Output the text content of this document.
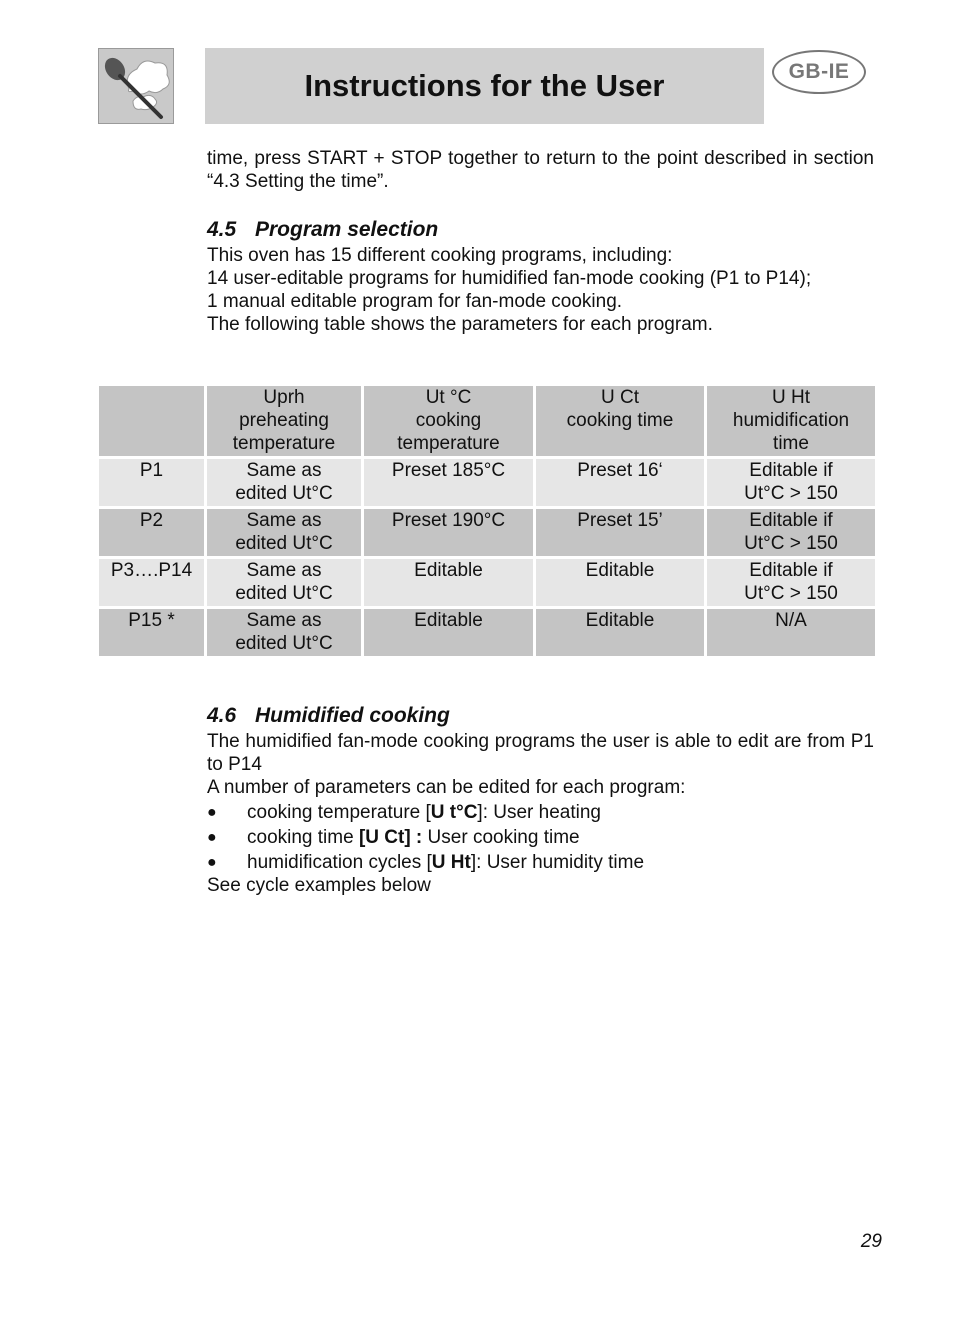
Instructions for the User	GB-IE
time, press START + STOP together to return to the point described in section “4.3 Setting the time”.
4.5 Program selection
This oven has 15 different cooking programs, including:
14 user-editable programs for humidified fan-mode cooking (P1 to P14);
1 manual editable program for fan-mode cooking.
The following table shows the parameters for each program.

	Uprh
preheating
temperature	Ut °C
cooking
temperature	U Ct
cooking time	U Ht
humidification
time

P1	Same as
edited Ut°C	Preset 185°C	Preset 16‘	Editable if
Ut°C > 150

P2	Same as
edited Ut°C	Preset 190°C	Preset 15’	Editable if
Ut°C > 150

P3….P14	Same as
edited Ut°C	Editable	Editable	Editable if
Ut°C > 150

P15 *	Same as
edited Ut°C	Editable	Editable	N/A
4.6 Humidified cooking
The humidified fan-mode cooking programs the user is able to edit are from P1 to P14
A number of parameters can be edited for each program:
●	cooking temperature [U t°C]: User heating
●	cooking time [U Ct] : User cooking time
●	humidification cycles [U Ht]: User humidity time
See cycle examples below
29
